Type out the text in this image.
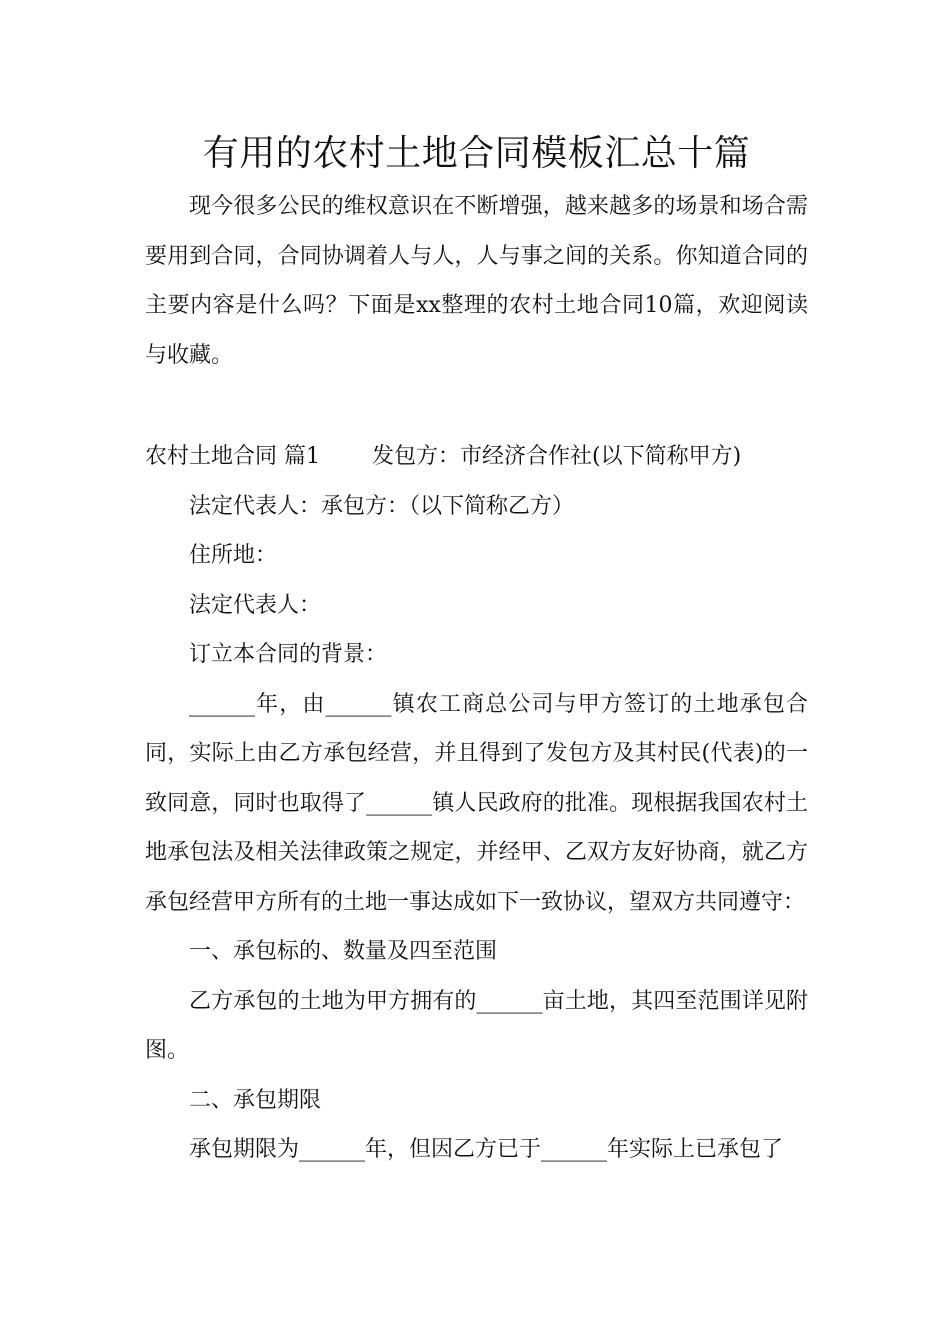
有用的农村土地合同模板汇总十篇

现今很多公民的维权意识在不断增强，越来越多的场景和场合需要用到合同，合同协调着人与人，人与事之间的关系。你知道合同的主要内容是什么吗？下面是xx整理的农村土地合同10篇，欢迎阅读与收藏。

农村土地合同 篇1 发包方：市经济合作社(以下简称甲方)

法定代表人：承包方：（以下简称乙方）

住所地：

法定代表人：

订立本合同的背景：

______年，由______镇农工商总公司与甲方签订的土地承包合同，实际上由乙方承包经营，并且得到了发包方及其村民(代表)的一致同意，同时也取得了______镇人民政府的批准。现根据我国农村土地承包法及相关法律政策之规定，并经甲、乙双方友好协商，就乙方承包经营甲方所有的土地一事达成如下一致协议，望双方共同遵守：

一、承包标的、数量及四至范围

乙方承包的土地为甲方拥有的______亩土地，其四至范围详见附图。

二、承包期限

承包期限为______年，但因乙方已于______年实际上已承包了
